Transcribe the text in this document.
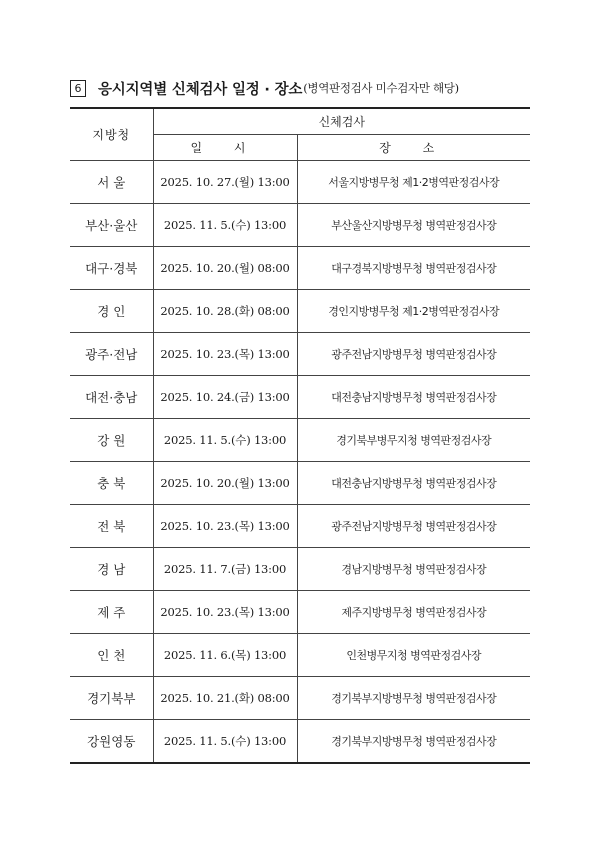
6	응시지역별 신체검사 일정 · 장소 (병역판정검사 미수검자만 해당)
지방청	신체검사	
	일 시	장 소
서 울	2025. 10. 27.(월) 13:00	서울지방병무청 제1·2병역판정검사장
부산·울산	2025. 11. 5.(수) 13:00	부산울산지방병무청 병역판정검사장
대구·경북	2025. 10. 20.(월) 08:00	대구경북지방병무청 병역판정검사장
경 인	2025. 10. 28.(화) 08:00	경인지방병무청 제1·2병역판정검사장
광주·전남	2025. 10. 23.(목) 13:00	광주전남지방병무청 병역판정검사장
대전·충남	2025. 10. 24.(금) 13:00	대전충남지방병무청 병역판정검사장
강 원	2025. 11. 5.(수) 13:00	경기북부병무지청 병역판정검사장
충 북	2025. 10. 20.(월) 13:00	대전충남지방병무청 병역판정검사장
전 북	2025. 10. 23.(목) 13:00	광주전남지방병무청 병역판정검사장
경 남	2025. 11. 7.(금) 13:00	경남지방병무청 병역판정검사장
제 주	2025. 10. 23.(목) 13:00	제주지방병무청 병역판정검사장
인 천	2025. 11. 6.(목) 13:00	인천병무지청 병역판정검사장
경기북부	2025. 10. 21.(화) 08:00	경기북부지방병무청 병역판정검사장
강원영동	2025. 11. 5.(수) 13:00	경기북부지방병무청 병역판정검사장
